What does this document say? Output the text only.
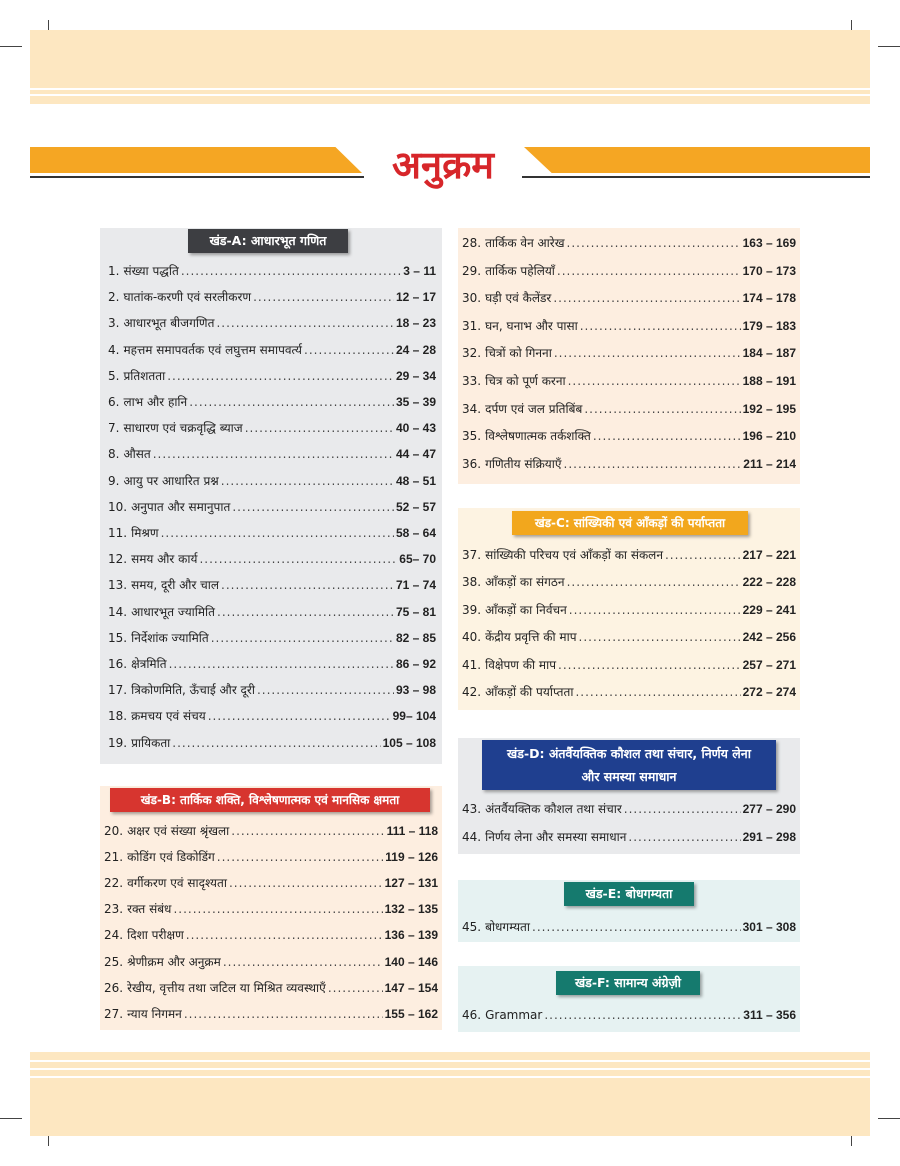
अनुक्रम
खंड-A: आधारभूत गणित
खंड-B: तार्किक शक्ति, विश्लेषणात्मक एवं मानसिक क्षमता
खंड-C: सांख्यिकी एवं आँकड़ों की पर्याप्तता
खंड-D: अंतर्वैयक्तिक कौशल तथा संचार, निर्णय लेना
और समस्या समाधान
खंड-E: बोधगम्यता
खंड-F: सामान्य अंग्रेज़ी
1. संख्या पद्धति .....	3 – 11
2. घातांक-करणी एवं सरलीकरण .....	12 – 17
3. आधारभूत बीजगणित .....	18 – 23
4. महत्तम समापवर्तक एवं लघुत्तम समापवर्त्य .....	24 – 28
5. प्रतिशतता .....	29 – 34
6. लाभ और हानि .....	35 – 39
7. साधारण एवं चक्रवृद्धि ब्याज .....	40 – 43
8. औसत .....	44 – 47
9. आयु पर आधारित प्रश्न .....	48 – 51
10. अनुपात और समानुपात .....	52 – 57
11. मिश्रण .....	58 – 64
12. समय और कार्य .....	65– 70
13. समय, दूरी और चाल .....	71 – 74
14. आधारभूत ज्यामिति .....	75 – 81
15. निर्देशांक ज्यामिति .....	82 – 85
16. क्षेत्रमिति .....	86 – 92
17. त्रिकोणमिति, ऊँचाई और दूरी .....	93 – 98
18. क्रमचय एवं संचय .....	99– 104
19. प्रायिकता .....	105 – 108
20. अक्षर एवं संख्या श्रृंखला .....	111 – 118
21. कोडिंग एवं डिकोडिंग .....	119 – 126
22. वर्गीकरण एवं सादृश्यता .....	127 – 131
23. रक्त संबंध .....	132 – 135
24. दिशा परीक्षण .....	136 – 139
25. श्रेणीक्रम और अनुक्रम .....	140 – 146
26. रेखीय, वृत्तीय तथा जटिल या मिश्रित व्यवस्थाएँ .....	147 – 154
27. न्याय निगमन .....	155 – 162
28. तार्किक वेन आरेख .....	163 – 169
29. तार्किक पहेलियाँ .....	170 – 173
30. घड़ी एवं कैलेंडर .....	174 – 178
31. घन, घनाभ और पासा .....	179 – 183
32. चित्रों को गिनना .....	184 – 187
33. चित्र को पूर्ण करना .....	188 – 191
34. दर्पण एवं जल प्रतिबिंब .....	192 – 195
35. विश्लेषणात्मक तर्कशक्ति .....	196 – 210
36. गणितीय संक्रियाएँ .....	211 – 214
37. सांख्यिकी परिचय एवं आँकड़ों का संकलन .....	217 – 221
38. आँकड़ों का संगठन .....	222 – 228
39. आँकड़ों का निर्वचन .....	229 – 241
40. केंद्रीय प्रवृत्ति की माप .....	242 – 256
41. विक्षेपण की माप .....	257 – 271
42. आँकड़ों की पर्याप्तता .....	272 – 274
43. अंतर्वैयक्तिक कौशल तथा संचार .....	277 – 290
44. निर्णय लेना और समस्या समाधान .....	291 – 298
45. बोधगम्यता .....	301 – 308
46. Grammar .....	311 – 356
